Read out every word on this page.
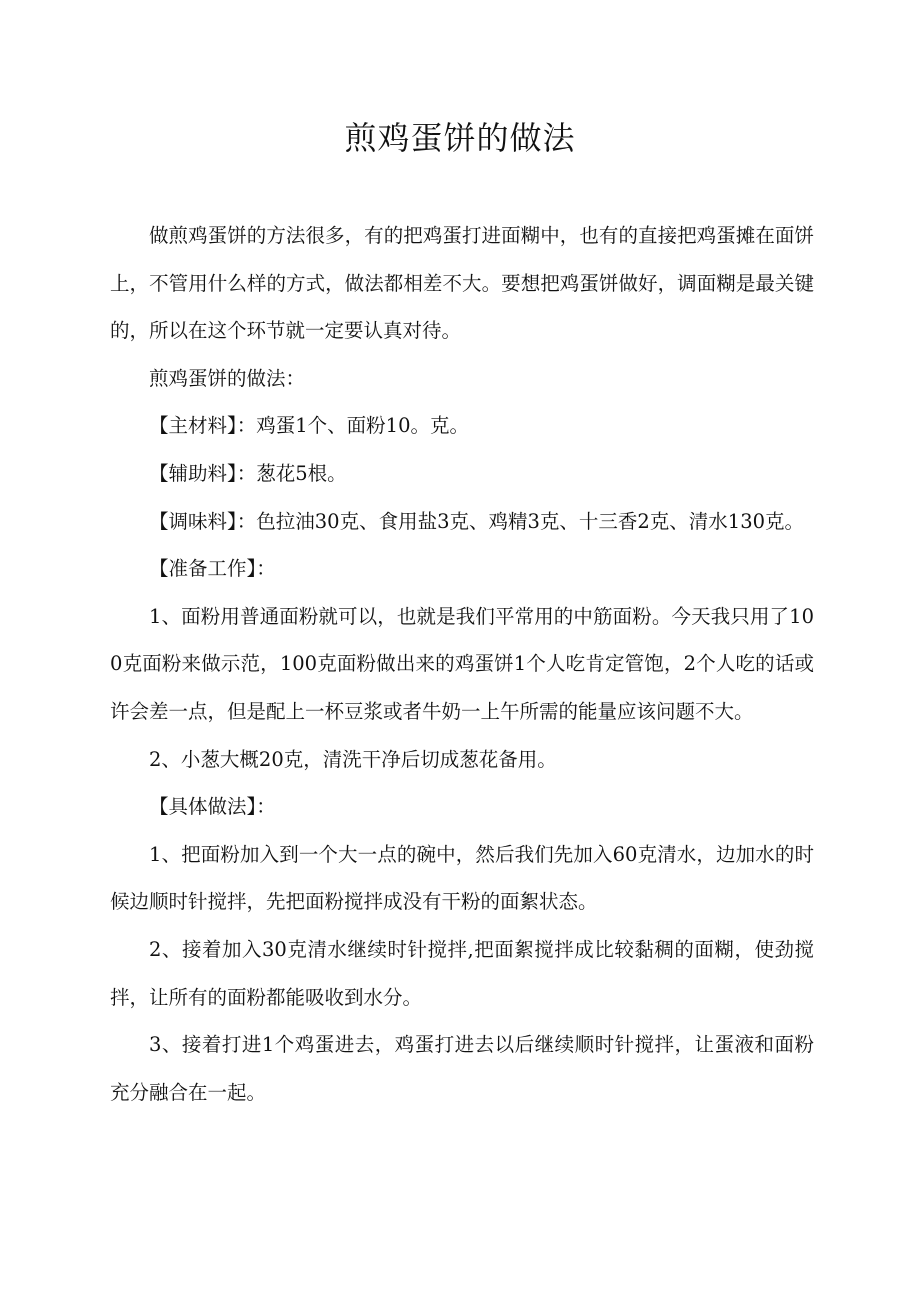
煎鸡蛋饼的做法

做煎鸡蛋饼的方法很多，有的把鸡蛋打进面糊中，也有的直接把鸡蛋摊在面饼上，不管用什么样的方式，做法都相差不大。要想把鸡蛋饼做好，调面糊是最关键的，所以在这个环节就一定要认真对待。

煎鸡蛋饼的做法：

【主材料】：鸡蛋1个、面粉10。克。

【辅助料】：葱花5根。

【调味料】：色拉油30克、食用盐3克、鸡精3克、十三香2克、清水130克。

【准备工作】：

1、面粉用普通面粉就可以，也就是我们平常用的中筋面粉。今天我只用了100克面粉来做示范，100克面粉做出来的鸡蛋饼1个人吃肯定管饱，2个人吃的话或许会差一点，但是配上一杯豆浆或者牛奶一上午所需的能量应该问题不大。

2、小葱大概20克，清洗干净后切成葱花备用。

【具体做法】：

1、把面粉加入到一个大一点的碗中，然后我们先加入60克清水，边加水的时候边顺时针搅拌，先把面粉搅拌成没有干粉的面絮状态。

2、接着加入30克清水继续时针搅拌,把面絮搅拌成比较黏稠的面糊，使劲搅拌，让所有的面粉都能吸收到水分。

3、接着打进1个鸡蛋进去，鸡蛋打进去以后继续顺时针搅拌，让蛋液和面粉充分融合在一起。
